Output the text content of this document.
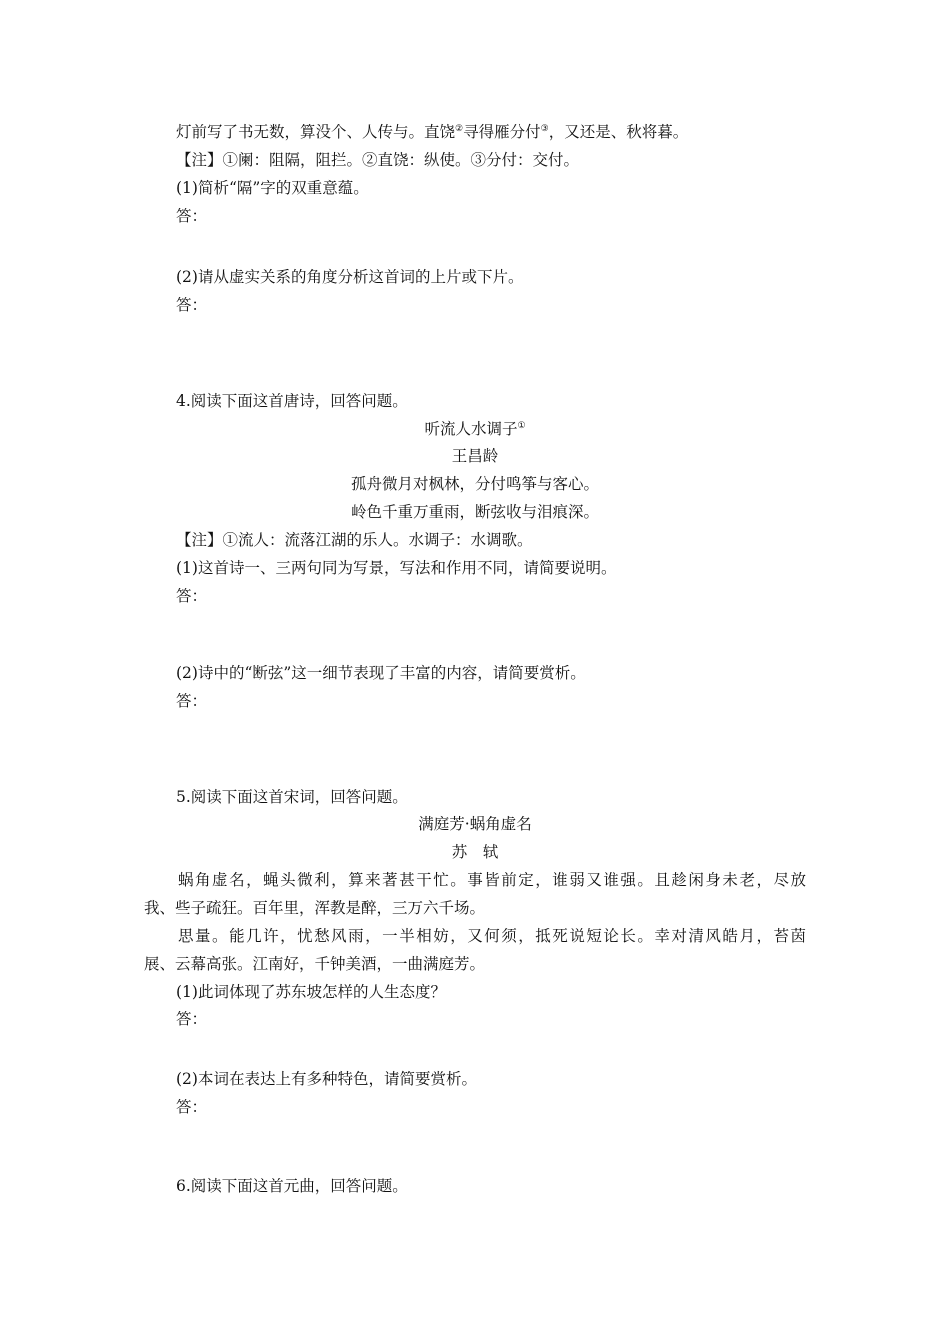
灯前写了书无数，算没个、人传与。直饶②寻得雁分付③，又还是、秋将暮。
【注】①阑：阻隔，阻拦。②直饶：纵使。③分付：交付。
(1)简析“隔”字的双重意蕴。
答：
(2)请从虚实关系的角度分析这首词的上片或下片。
答：
4.阅读下面这首唐诗，回答问题。
听流人水调子①
王昌龄
孤舟微月对枫林，分付鸣筝与客心。
岭色千重万重雨，断弦收与泪痕深。
【注】①流人：流落江湖的乐人。水调子：水调歌。
(1)这首诗一、三两句同为写景，写法和作用不同，请简要说明。
答：
(2)诗中的“断弦”这一细节表现了丰富的内容，请简要赏析。
答：
5.阅读下面这首宋词，回答问题。
满庭芳·蜗角虚名
苏　轼
　　蜗角虚名，蝇头微利，算来著甚干忙。事皆前定，谁弱又谁强。且趁闲身未老，尽放
我、些子疏狂。百年里，浑教是醉，三万六千场。
　　思量。能几许，忧愁风雨，一半相妨，又何须，抵死说短论长。幸对清风皓月，苔茵
展、云幕高张。江南好，千钟美酒，一曲满庭芳。
(1)此词体现了苏东坡怎样的人生态度？
答：
(2)本词在表达上有多种特色，请简要赏析。
答：
6.阅读下面这首元曲，回答问题。
